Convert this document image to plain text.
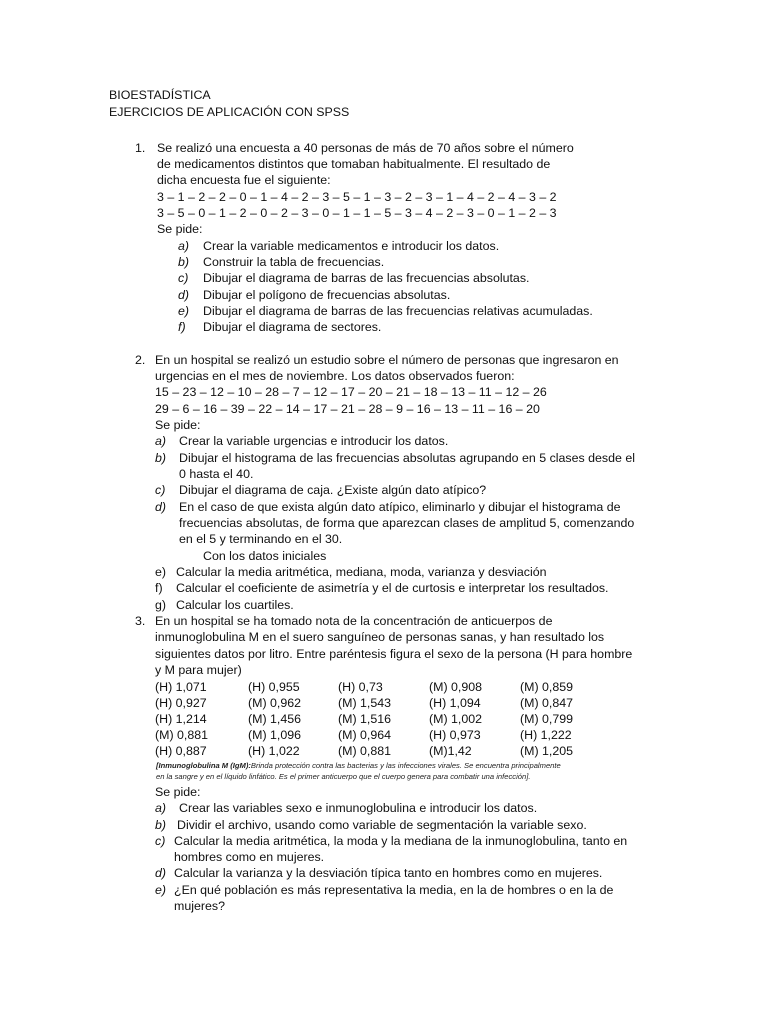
BIOESTADÍSTICA
EJERCICIOS DE APLICACIÓN CON SPSS
1. Se realizó una encuesta a 40 personas de más de 70 años sobre el número
de medicamentos distintos que tomaban habitualmente. El resultado de
dicha encuesta fue el siguiente:
3 – 1 – 2 – 2 – 0 – 1 – 4 – 2 – 3 – 5 – 1 – 3 – 2 – 3 – 1 – 4 – 2 – 4 – 3 – 2
3 – 5 – 0 – 1 – 2 – 0 – 2 – 3 – 0 – 1 – 1 – 5 – 3 – 4 – 2 – 3 – 0 – 1 – 2 – 3
Se pide:
a) Crear la variable medicamentos e introducir los datos.
b) Construir la tabla de frecuencias.
c) Dibujar el diagrama de barras de las frecuencias absolutas.
d) Dibujar el polígono de frecuencias absolutas.
e) Dibujar el diagrama de barras de las frecuencias relativas acumuladas.
f) Dibujar el diagrama de sectores.
2. En un hospital se realizó un estudio sobre el número de personas que ingresaron en
urgencias en el mes de noviembre. Los datos observados fueron:
15 – 23 – 12 – 10 – 28 – 7 – 12 – 17 – 20 – 21 – 18 – 13 – 11 – 12 – 26
29 – 6 – 16 – 39 – 22 – 14 – 17 – 21 – 28 – 9 – 16 – 13 – 11 – 16 – 20
Se pide:
a) Crear la variable urgencias e introducir los datos.
b) Dibujar el histograma de las frecuencias absolutas agrupando en 5 clases desde el
0 hasta el 40.
c) Dibujar el diagrama de caja. ¿Existe algún dato atípico?
d) En el caso de que exista algún dato atípico, eliminarlo y dibujar el histograma de
frecuencias absolutas, de forma que aparezcan clases de amplitud 5, comenzando
en el 5 y terminando en el 30.
Con los datos iniciales
e) Calcular la media aritmética, mediana, moda, varianza y desviación
f) Calcular el coeficiente de asimetría y el de curtosis e interpretar los resultados.
g) Calcular los cuartiles.
3. En un hospital se ha tomado nota de la concentración de anticuerpos de
inmunoglobulina M en el suero sanguíneo de personas sanas, y han resultado los
siguientes datos por litro. Entre paréntesis figura el sexo de la persona (H para hombre
y M para mujer)
(H) 1,071	(H) 0,955	(H) 0,73	(M) 0,908	(M) 0,859
(H) 0,927	(M) 0,962	(M) 1,543	(H) 1,094	(M) 0,847
(H) 1,214	(M) 1,456	(M) 1,516	(M) 1,002	(M) 0,799
(M) 0,881	(M) 1,096	(M) 0,964	(H) 0,973	(H) 1,222
(H) 0,887	(H) 1,022	(M) 0,881	(M)1,42	(M) 1,205
[Inmunoglobulina M (IgM):Brinda protección contra las bacterias y las infecciones virales. Se encuentra principalmente
en la sangre y en el líquido linfático. Es el primer anticuerpo que el cuerpo genera para combatir una infección].
Se pide:
a) Crear las variables sexo e inmunoglobulina e introducir los datos.
b) Dividir el archivo, usando como variable de segmentación la variable sexo.
c) Calcular la media aritmética, la moda y la mediana de la inmunoglobulina, tanto en
hombres como en mujeres.
d) Calcular la varianza y la desviación típica tanto en hombres como en mujeres.
e) ¿En qué población es más representativa la media, en la de hombres o en la de
mujeres?
